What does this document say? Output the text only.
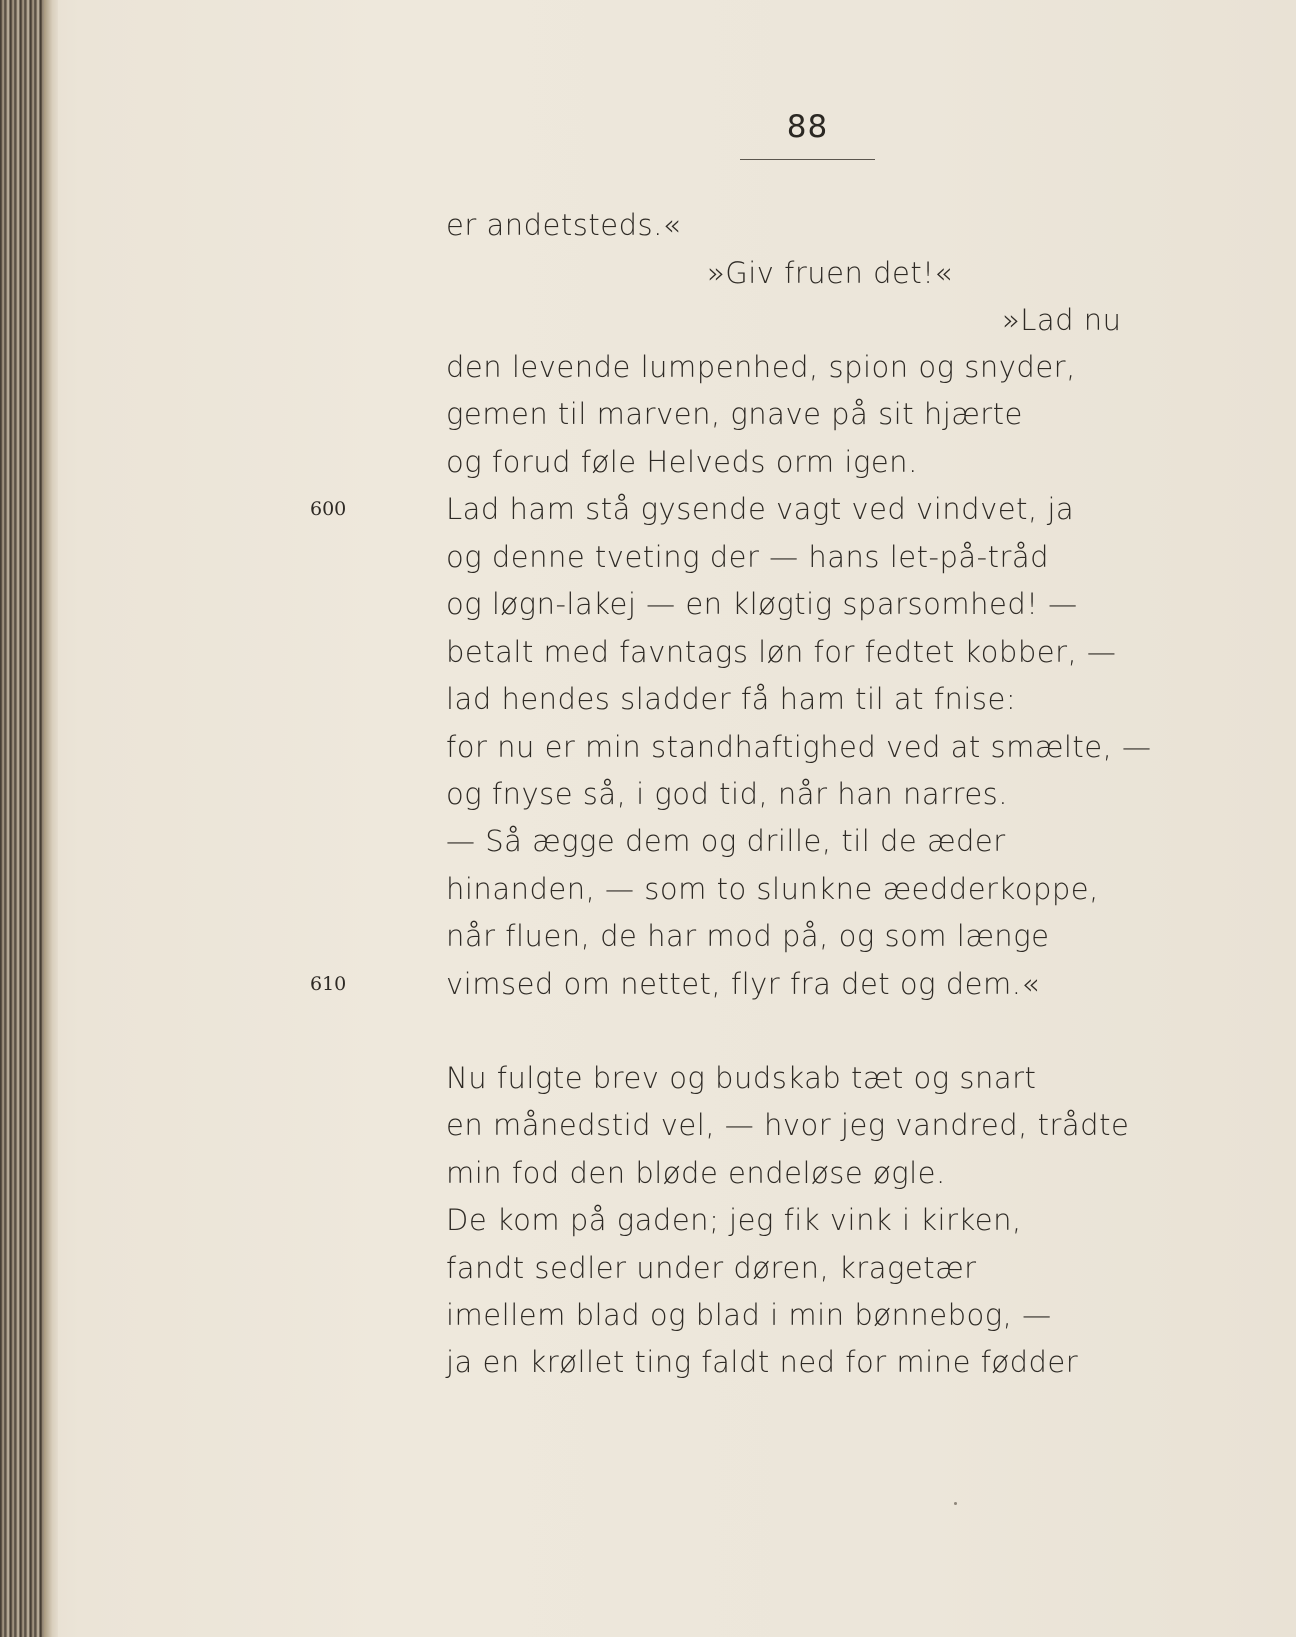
88
600
610
er andetsteds.«
»Giv fruen det!«
»Lad nu
den levende lumpenhed, spion og snyder,
gemen til marven, gnave på sit hjærte
og forud føle Helveds orm igen.
Lad ham stå gysende vagt ved vindvet, ja
og denne tveting der — hans let-på-tråd
og løgn-lakej — en kløgtig sparsomhed! —
betalt med favntags løn for fedtet kobber, —
lad hendes sladder få ham til at fnise:
for nu er min standhaftighed ved at smælte, —
og fnyse så, i god tid, når han narres.
— Så ægge dem og drille, til de æder
hinanden, — som to slunkne æedderkoppe,
når fluen, de har mod på, og som længe
vimsed om nettet, flyr fra det og dem.«
Nu fulgte brev og budskab tæt og snart
en månedstid vel, — hvor jeg vandred, trådte
min fod den bløde endeløse øgle.
De kom på gaden; jeg fik vink i kirken,
fandt sedler under døren, kragetær
imellem blad og blad i min bønnebog, —
ja en krøllet ting faldt ned for mine fødder
